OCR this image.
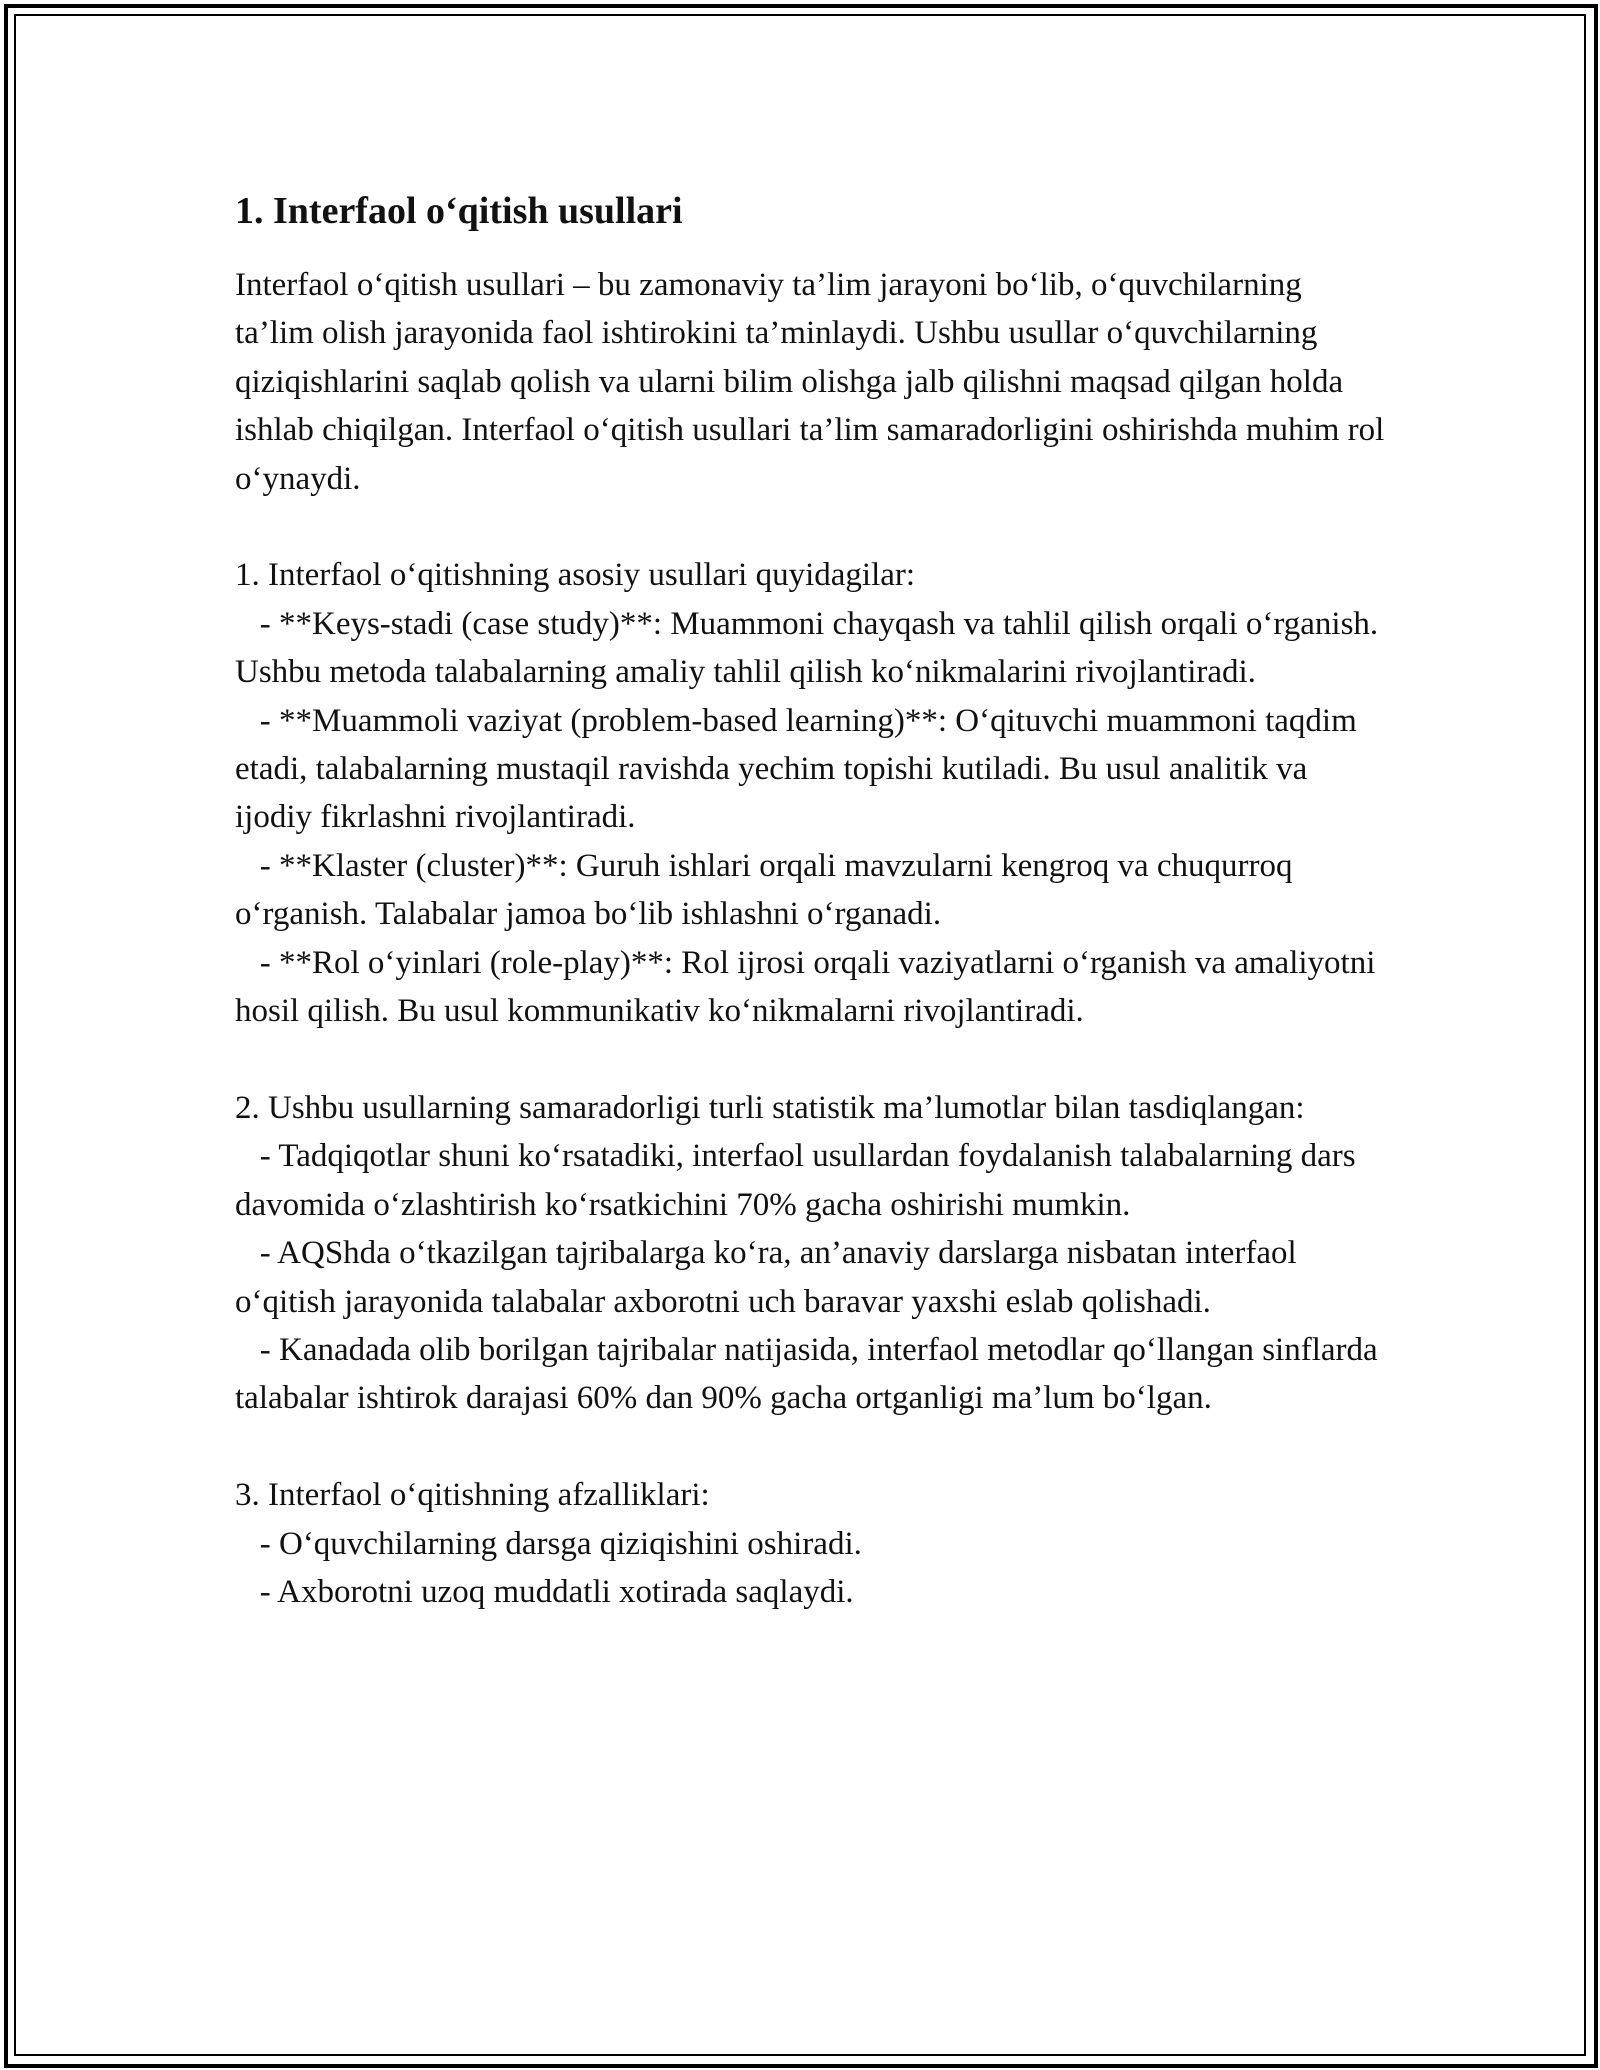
1. Interfaol o‘qitish usullari

Interfaol o‘qitish usullari – bu zamonaviy ta’lim jarayoni bo‘lib, o‘quvchilarning ta’lim olish jarayonida faol ishtirokini ta’minlaydi. Ushbu usullar o‘quvchilarning qiziqishlarini saqlab qolish va ularni bilim olishga jalb qilishni maqsad qilgan holda ishlab chiqilgan. Interfaol o‘qitish usullari ta’lim samaradorligini oshirishda muhim rol o‘ynaydi.

1. Interfaol o‘qitishning asosiy usullari quyidagilar:

- **Keys-stadi (case study)**: Muammoni chayqash va tahlil qilish orqali o‘rganish. Ushbu metoda talabalarning amaliy tahlil qilish ko‘nikmalarini rivojlantiradi.

- **Muammoli vaziyat (problem-based learning)**: O‘qituvchi muammoni taqdim etadi, talabalarning mustaqil ravishda yechim topishi kutiladi. Bu usul analitik va ijodiy fikrlashni rivojlantiradi.

- **Klaster (cluster)**: Guruh ishlari orqali mavzularni kengroq va chuqurroq o‘rganish. Talabalar jamoa bo‘lib ishlashni o‘rganadi.

- **Rol o‘yinlari (role-play)**: Rol ijrosi orqali vaziyatlarni o‘rganish va amaliyotni hosil qilish. Bu usul kommunikativ ko‘nikmalarni rivojlantiradi.

2. Ushbu usullarning samaradorligi turli statistik ma’lumotlar bilan tasdiqlangan:

- Tadqiqotlar shuni ko‘rsatadiki, interfaol usullardan foydalanish talabalarning dars davomida o‘zlashtirish ko‘rsatkichini 70% gacha oshirishi mumkin.

- AQShda o‘tkazilgan tajribalarga ko‘ra, an’anaviy darslarga nisbatan interfaol o‘qitish jarayonida talabalar axborotni uch baravar yaxshi eslab qolishadi.

- Kanadada olib borilgan tajribalar natijasida, interfaol metodlar qo‘llangan sinflarda talabalar ishtirok darajasi 60% dan 90% gacha ortganligi ma’lum bo‘lgan.

3. Interfaol o‘qitishning afzalliklari:

- O‘quvchilarning darsga qiziqishini oshiradi.

- Axborotni uzoq muddatli xotirada saqlaydi.
